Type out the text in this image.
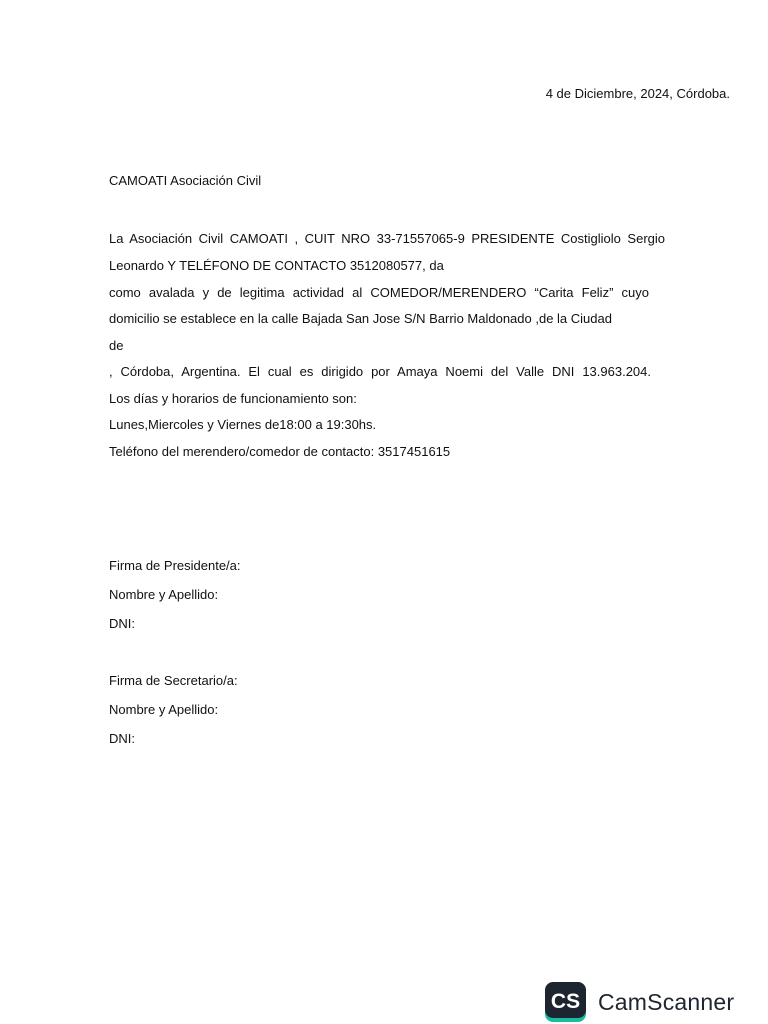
4 de Diciembre, 2024, Córdoba.
CAMOATI Asociación Civil
La Asociación Civil CAMOATI , CUIT NRO 33-71557065-9 PRESIDENTE Costigliolo Sergio
Leonardo Y TELÉFONO DE CONTACTO 3512080577, da
como avalada y de legitima actividad al COMEDOR/MERENDERO “Carita Feliz” cuyo
domicilio se establece en la calle Bajada San Jose S/N Barrio Maldonado ,de la Ciudad
de
, Córdoba, Argentina. El cual es dirigido por Amaya Noemi del Valle DNI 13.963.204.
Los días y horarios de funcionamiento son:
Lunes,Miercoles y Viernes de18:00 a 19:30hs.
Teléfono del merendero/comedor de contacto: 3517451615
Firma de Presidente/a:
Nombre y Apellido:
DNI:
Firma de Secretario/a:
Nombre y Apellido:
DNI:
CS CamScanner
